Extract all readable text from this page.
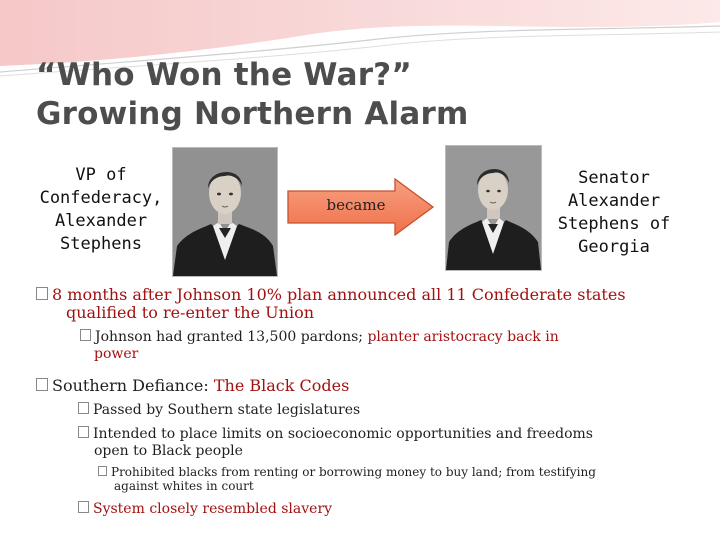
“Who Won the War?”
Growing Northern Alarm
VP of
Confederacy,
Alexander
Stephens
became
Senator
Alexander
Stephens of
Georgia
8 months after Johnson 10% plan announced all 11 Confederate states
qualified to re-enter the Union
Johnson had granted 13,500 pardons; planter aristocracy back in
power
Southern Defiance: The Black Codes
Passed by Southern state legislatures
Intended to place limits on socioeconomic opportunities and freedoms
open to Black people
Prohibited blacks from renting or borrowing money to buy land; from testifying
against whites in court
System closely resembled slavery
